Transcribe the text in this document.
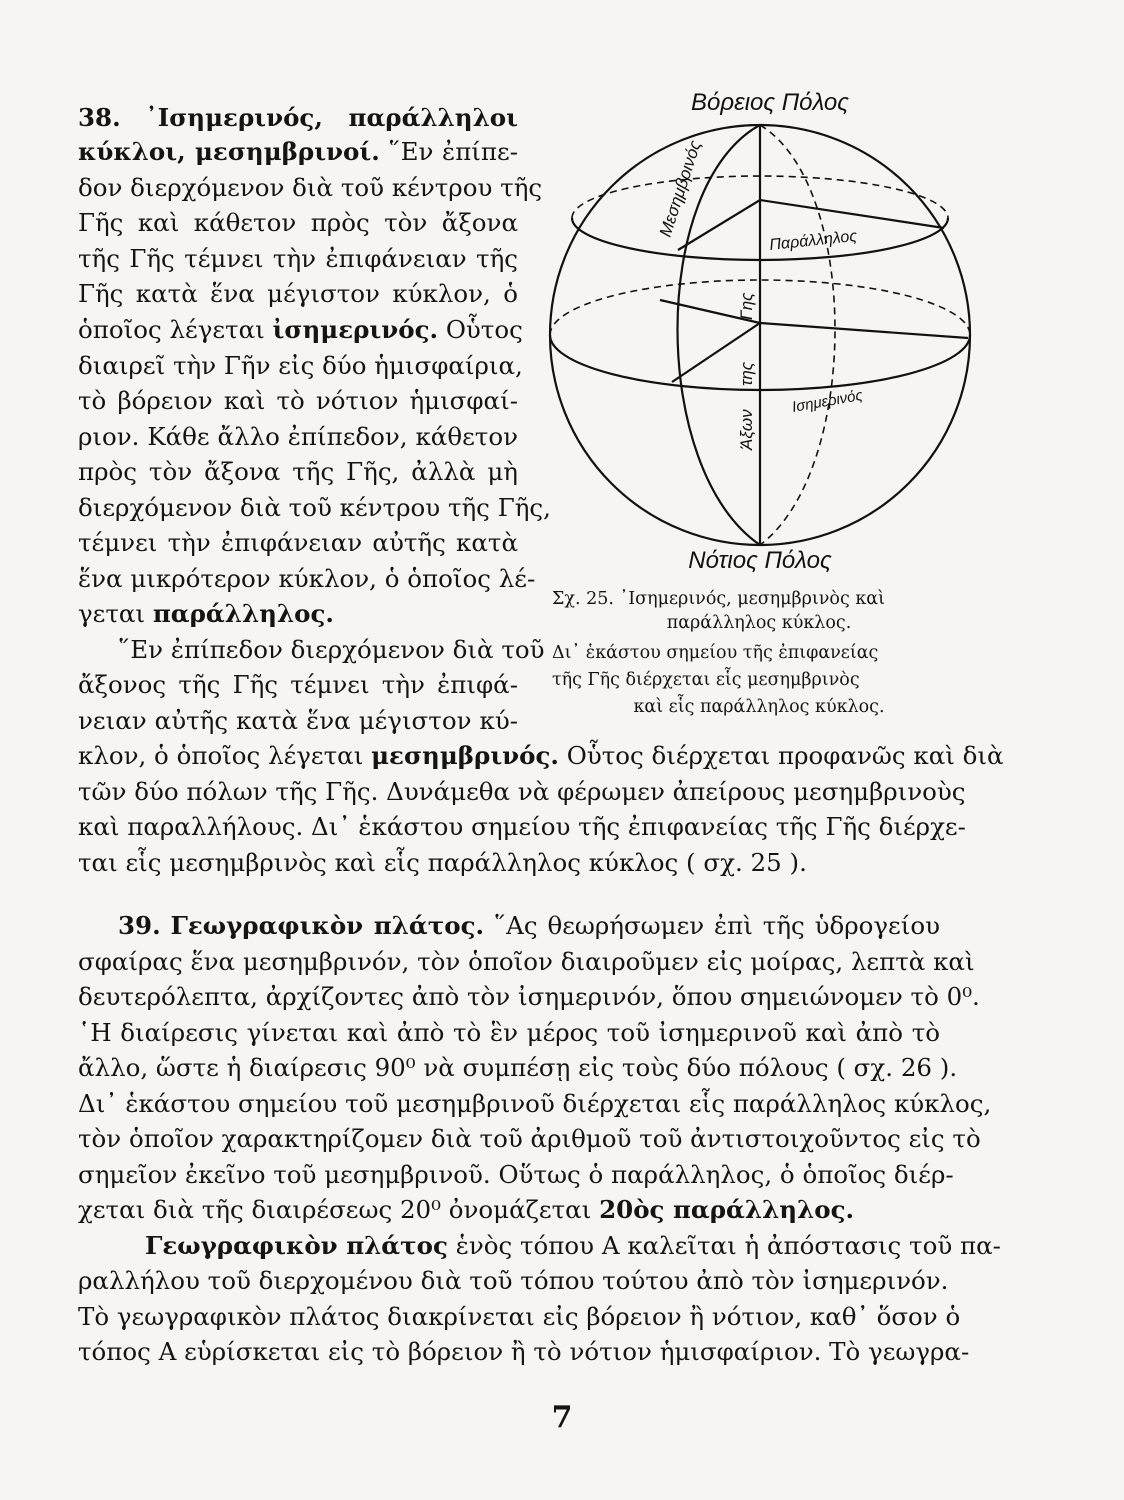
38. ᾿Ισημερινός, παράλληλοι
κύκλοι, μεσημβρινοί. ῞Εν ἐπίπε-
δον διερχόμενον διὰ τοῦ κέντρου τῆς
Γῆς καὶ κάθετον πρὸς τὸν ἄξονα
τῆς Γῆς τέμνει τὴν ἐπιφάνειαν τῆς
Γῆς κατὰ ἕνα μέγιστον κύκλον, ὁ
ὁποῖος λέγεται ἰσημερινός. Οὗτος
διαιρεῖ τὴν Γῆν εἰς δύο ἡμισφαίρια,
τὸ βόρειον καὶ τὸ νότιον ἡμισφαί-
ριον. Κάθε ἄλλο ἐπίπεδον, κάθετον
πρὸς τὸν ἄξονα τῆς Γῆς, ἀλλὰ μὴ
διερχόμενον διὰ τοῦ κέντρου τῆς Γῆς,
τέμνει τὴν ἐπιφάνειαν αὐτῆς κατὰ
ἕνα μικρότερον κύκλον, ὁ ὁποῖος λέ-
γεται παράλληλος.
῞Εν ἐπίπεδον διερχόμενον διὰ τοῦ
ἄξονος τῆς Γῆς τέμνει τὴν ἐπιφά-
νειαν αὐτῆς κατὰ ἕνα μέγιστον κύ-
κλον, ὁ ὁποῖος λέγεται μεσημβρινός. Οὗτος διέρχεται προφανῶς καὶ διὰ
τῶν δύο πόλων τῆς Γῆς. Δυνάμεθα νὰ φέρωμεν ἀπείρους μεσημβρινοὺς
καὶ παραλλήλους. Δι᾿ ἑκάστου σημείου τῆς ἐπιφανείας τῆς Γῆς διέρχε-
ται εἷς μεσημβρινὸς καὶ εἷς παράλληλος κύκλος ( σχ. 25 ).
Βόρειος Πόλος
Νότιος Πόλος
Μεσημβρινός
Παράλληλος
Ισημερινός
Άξων
της
Γης
Σχ. 25. ᾿Ισημερινός, μεσημβρινὸς καὶ
παράλληλος κύκλος.
Δι᾿ ἑκάστου σημείου τῆς ἐπιφανείας
τῆς Γῆς διέρχεται εἷς μεσημβρινὸς
καὶ εἷς παράλληλος κύκλος.
39. Γεωγραφικὸν πλάτος. ῞Ας θεωρήσωμεν ἐπὶ τῆς ὑδρογείου
σφαίρας ἕνα μεσημβρινόν, τὸν ὁποῖον διαιροῦμεν εἰς μοίρας, λεπτὰ καὶ
δευτερόλεπτα, ἀρχίζοντες ἀπὸ τὸν ἰσημερινόν, ὅπου σημειώνομεν τὸ 0⁰.
῾Η διαίρεσις γίνεται καὶ ἀπὸ τὸ ἓν μέρος τοῦ ἰσημερινοῦ καὶ ἀπὸ τὸ
ἄλλο, ὥστε ἡ διαίρεσις 90⁰ νὰ συμπέσῃ εἰς τοὺς δύο πόλους ( σχ. 26 ).
Δι᾿ ἑκάστου σημείου τοῦ μεσημβρινοῦ διέρχεται εἷς παράλληλος κύκλος,
τὸν ὁποῖον χαρακτηρίζομεν διὰ τοῦ ἀριθμοῦ τοῦ ἀντιστοιχοῦντος εἰς τὸ
σημεῖον ἐκεῖνο τοῦ μεσημβρινοῦ. Οὕτως ὁ παράλληλος, ὁ ὁποῖος διέρ-
χεται διὰ τῆς διαιρέσεως 20⁰ ὀνομάζεται 20ὸς παράλληλος.
Γεωγραφικὸν πλάτος ἑνὸς τόπου Α καλεῖται ἡ ἀπόστασις τοῦ πα-
ραλλήλου τοῦ διερχομένου διὰ τοῦ τόπου τούτου ἀπὸ τὸν ἰσημερινόν.
Τὸ γεωγραφικὸν πλάτος διακρίνεται εἰς βόρειον ἢ νότιον, καθ᾿ ὅσον ὁ
τόπος Α εὑρίσκεται εἰς τὸ βόρειον ἢ τὸ νότιον ἡμισφαίριον. Τὸ γεωγρα-
7
